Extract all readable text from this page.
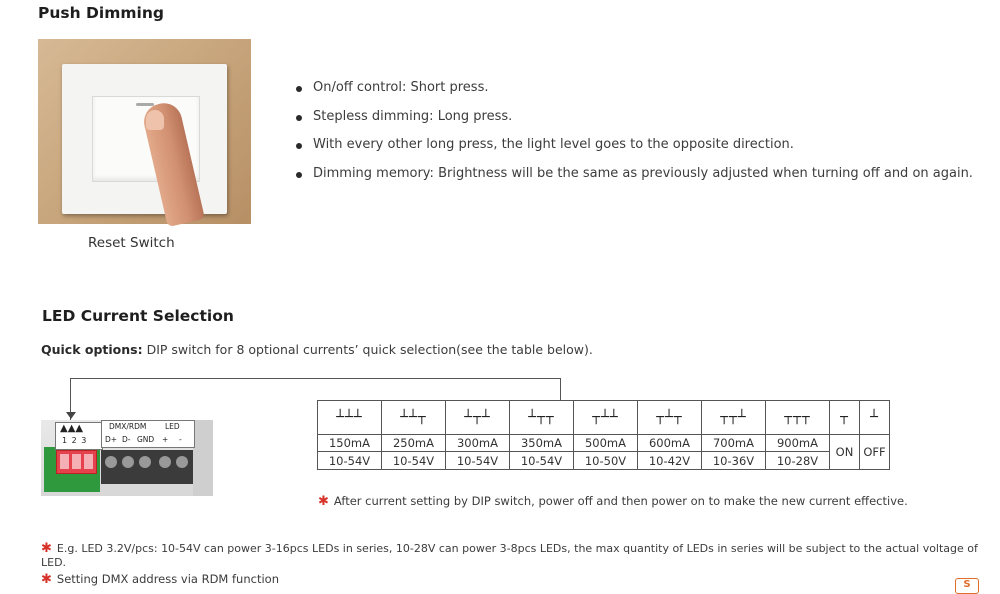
Push Dimming
Reset Switch
On/off control: Short press.
Stepless dimming: Long press.
With every other long press, the light level goes to the opposite direction.
Dimming memory: Brightness will be the same as previously adjusted when turning off and on again.
LED Current Selection
Quick options: DIP switch for 8 optional currents’ quick selection(see the table below).
▲▲▲
1 2 3
DMX/RDM LED
D+ D- GND + -
┴┴┴	┴┴┬	┴┬┴	┴┬┬	┬┴┴	┬┴┬	┬┬┴	┬┬┬	┬	┴
150mA	250mA	300mA	350mA	500mA	600mA	700mA	900mA	ON	OFF
10-54V	10-54V	10-54V	10-54V	10-50V	10-42V	10-36V	10-28V		
✱ After current setting by DIP switch, power off and then power on to make the new current effective.
✱ E.g. LED 3.2V/pcs: 10-54V can power 3-16pcs LEDs in series, 10-28V can power 3-8pcs LEDs, the max quantity of LEDs in series will be subject to the actual voltage of LED.
✱ Setting DMX address via RDM function	S
